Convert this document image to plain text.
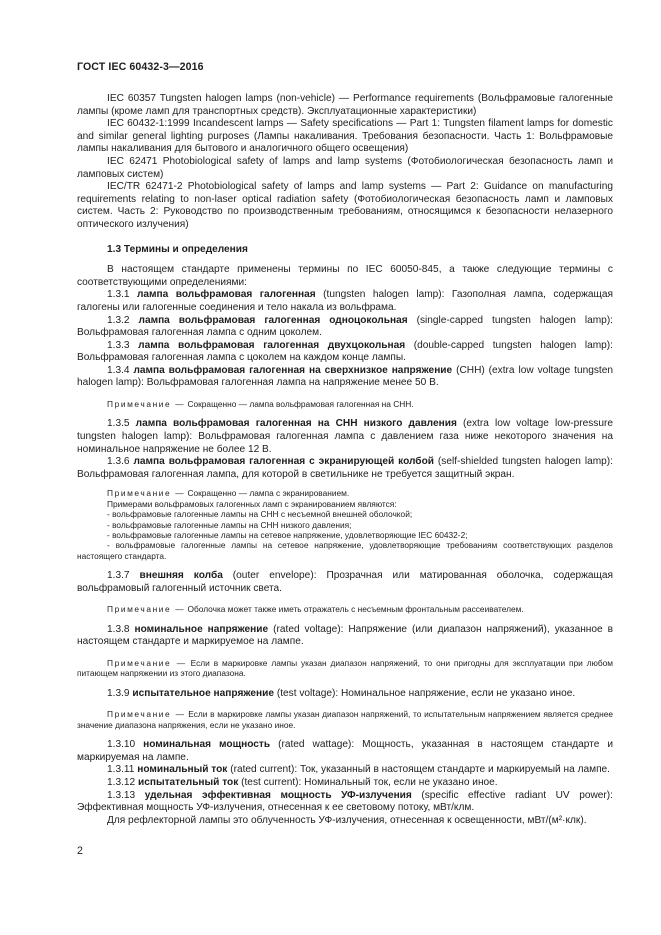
ГОСТ IEC 60432-3—2016

IEC 60357 Tungsten halogen lamps (non-vehicle) — Performance requirements (Вольфрамовые галогенные лампы (кроме ламп для транспортных средств). Эксплуатационные характеристики)

IEC 60432-1:1999 Incandescent lamps — Safety specifications — Part 1: Tungsten filament lamps for domestic and similar general lighting purposes (Лампы накаливания. Требования безопасности. Часть 1: Вольфрамовые лампы накаливания для бытового и аналогичного общего освещения)

IEC 62471 Photobiological safety of lamps and lamp systems (Фотобиологическая безопасность ламп и ламповых систем)

IEC/TR 62471-2 Photobiological safety of lamps and lamp systems — Part 2: Guidance on manufacturing requirements relating to non-laser optical radiation safety (Фотобиологическая безопасность ламп и ламповых систем. Часть 2: Руководство по производственным требованиям, относящимся к безопасности нелазерного оптического излучения)

1.3 Термины и определения

В настоящем стандарте применены термины по IEC 60050-845, а также следующие термины с соответствующими определениями:

1.3.1 лампа вольфрамовая галогенная (tungsten halogen lamp): Газополная лампа, содержащая галогены или галогенные соединения и тело накала из вольфрама.

1.3.2 лампа вольфрамовая галогенная одноцокольная (single-capped tungsten halogen lamp): Вольфрамовая галогенная лампа с одним цоколем.

1.3.3 лампа вольфрамовая галогенная двухцокольная (double-capped tungsten halogen lamp): Вольфрамовая галогенная лампа с цоколем на каждом конце лампы.

1.3.4 лампа вольфрамовая галогенная на сверхнизкое напряжение (СНН) (extra low voltage tungsten halogen lamp): Вольфрамовая галогенная лампа на напряжение менее 50 В.

Примечание — Сокращенно — лампа вольфрамовая галогенная на СНН.

1.3.5 лампа вольфрамовая галогенная на СНН низкого давления (extra low voltage low-pressure tungsten halogen lamp): Вольфрамовая галогенная лампа с давлением газа ниже некоторого значения на номинальное напряжение не более 12 В.

1.3.6 лампа вольфрамовая галогенная с экранирующей колбой (self-shielded tungsten halogen lamp): Вольфрамовая галогенная лампа, для которой в светильнике не требуется защитный экран.

Примечание — Сокращенно — лампа с экранированием.

Примерами вольфрамовых галогенных ламп с экранированием являются:

- вольфрамовые галогенные лампы на СНН с несъемной внешней оболочкой;

- вольфрамовые галогенные лампы на СНН низкого давления;

- вольфрамовые галогенные лампы на сетевое напряжение, удовлетворяющие IEC 60432-2;

- вольфрамовые галогенные лампы на сетевое напряжение, удовлетворяющие требованиям соответствующих разделов настоящего стандарта.

1.3.7 внешняя колба (outer envelope): Прозрачная или матированная оболочка, содержащая вольфрамовый галогенный источник света.

Примечание — Оболочка может также иметь отражатель с несъемным фронтальным рассеивателем.

1.3.8 номинальное напряжение (rated voltage): Напряжение (или диапазон напряжений), указанное в настоящем стандарте и маркируемое на лампе.

Примечание — Если в маркировке лампы указан диапазон напряжений, то они пригодны для эксплуатации при любом питающем напряжении из этого диапазона.

1.3.9 испытательное напряжение (test voltage): Номинальное напряжение, если не указано иное.

Примечание — Если в маркировке лампы указан диапазон напряжений, то испытательным напряжением является среднее значение диапазона напряжения, если не указано иное.

1.3.10 номинальная мощность (rated wattage): Мощность, указанная в настоящем стандарте и маркируемая на лампе.

1.3.11 номинальный ток (rated current): Ток, указанный в настоящем стандарте и маркируемый на лампе.

1.3.12 испытательный ток (test current): Номинальный ток, если не указано иное.

1.3.13 удельная эффективная мощность УФ-излучения (specific effective radiant UV power): Эффективная мощность УФ-излучения, отнесенная к ее световому потоку, мВт/клм.

Для рефлекторной лампы это облученность УФ-излучения, отнесенная к освещенности, мВт/(м²·клк).

2
